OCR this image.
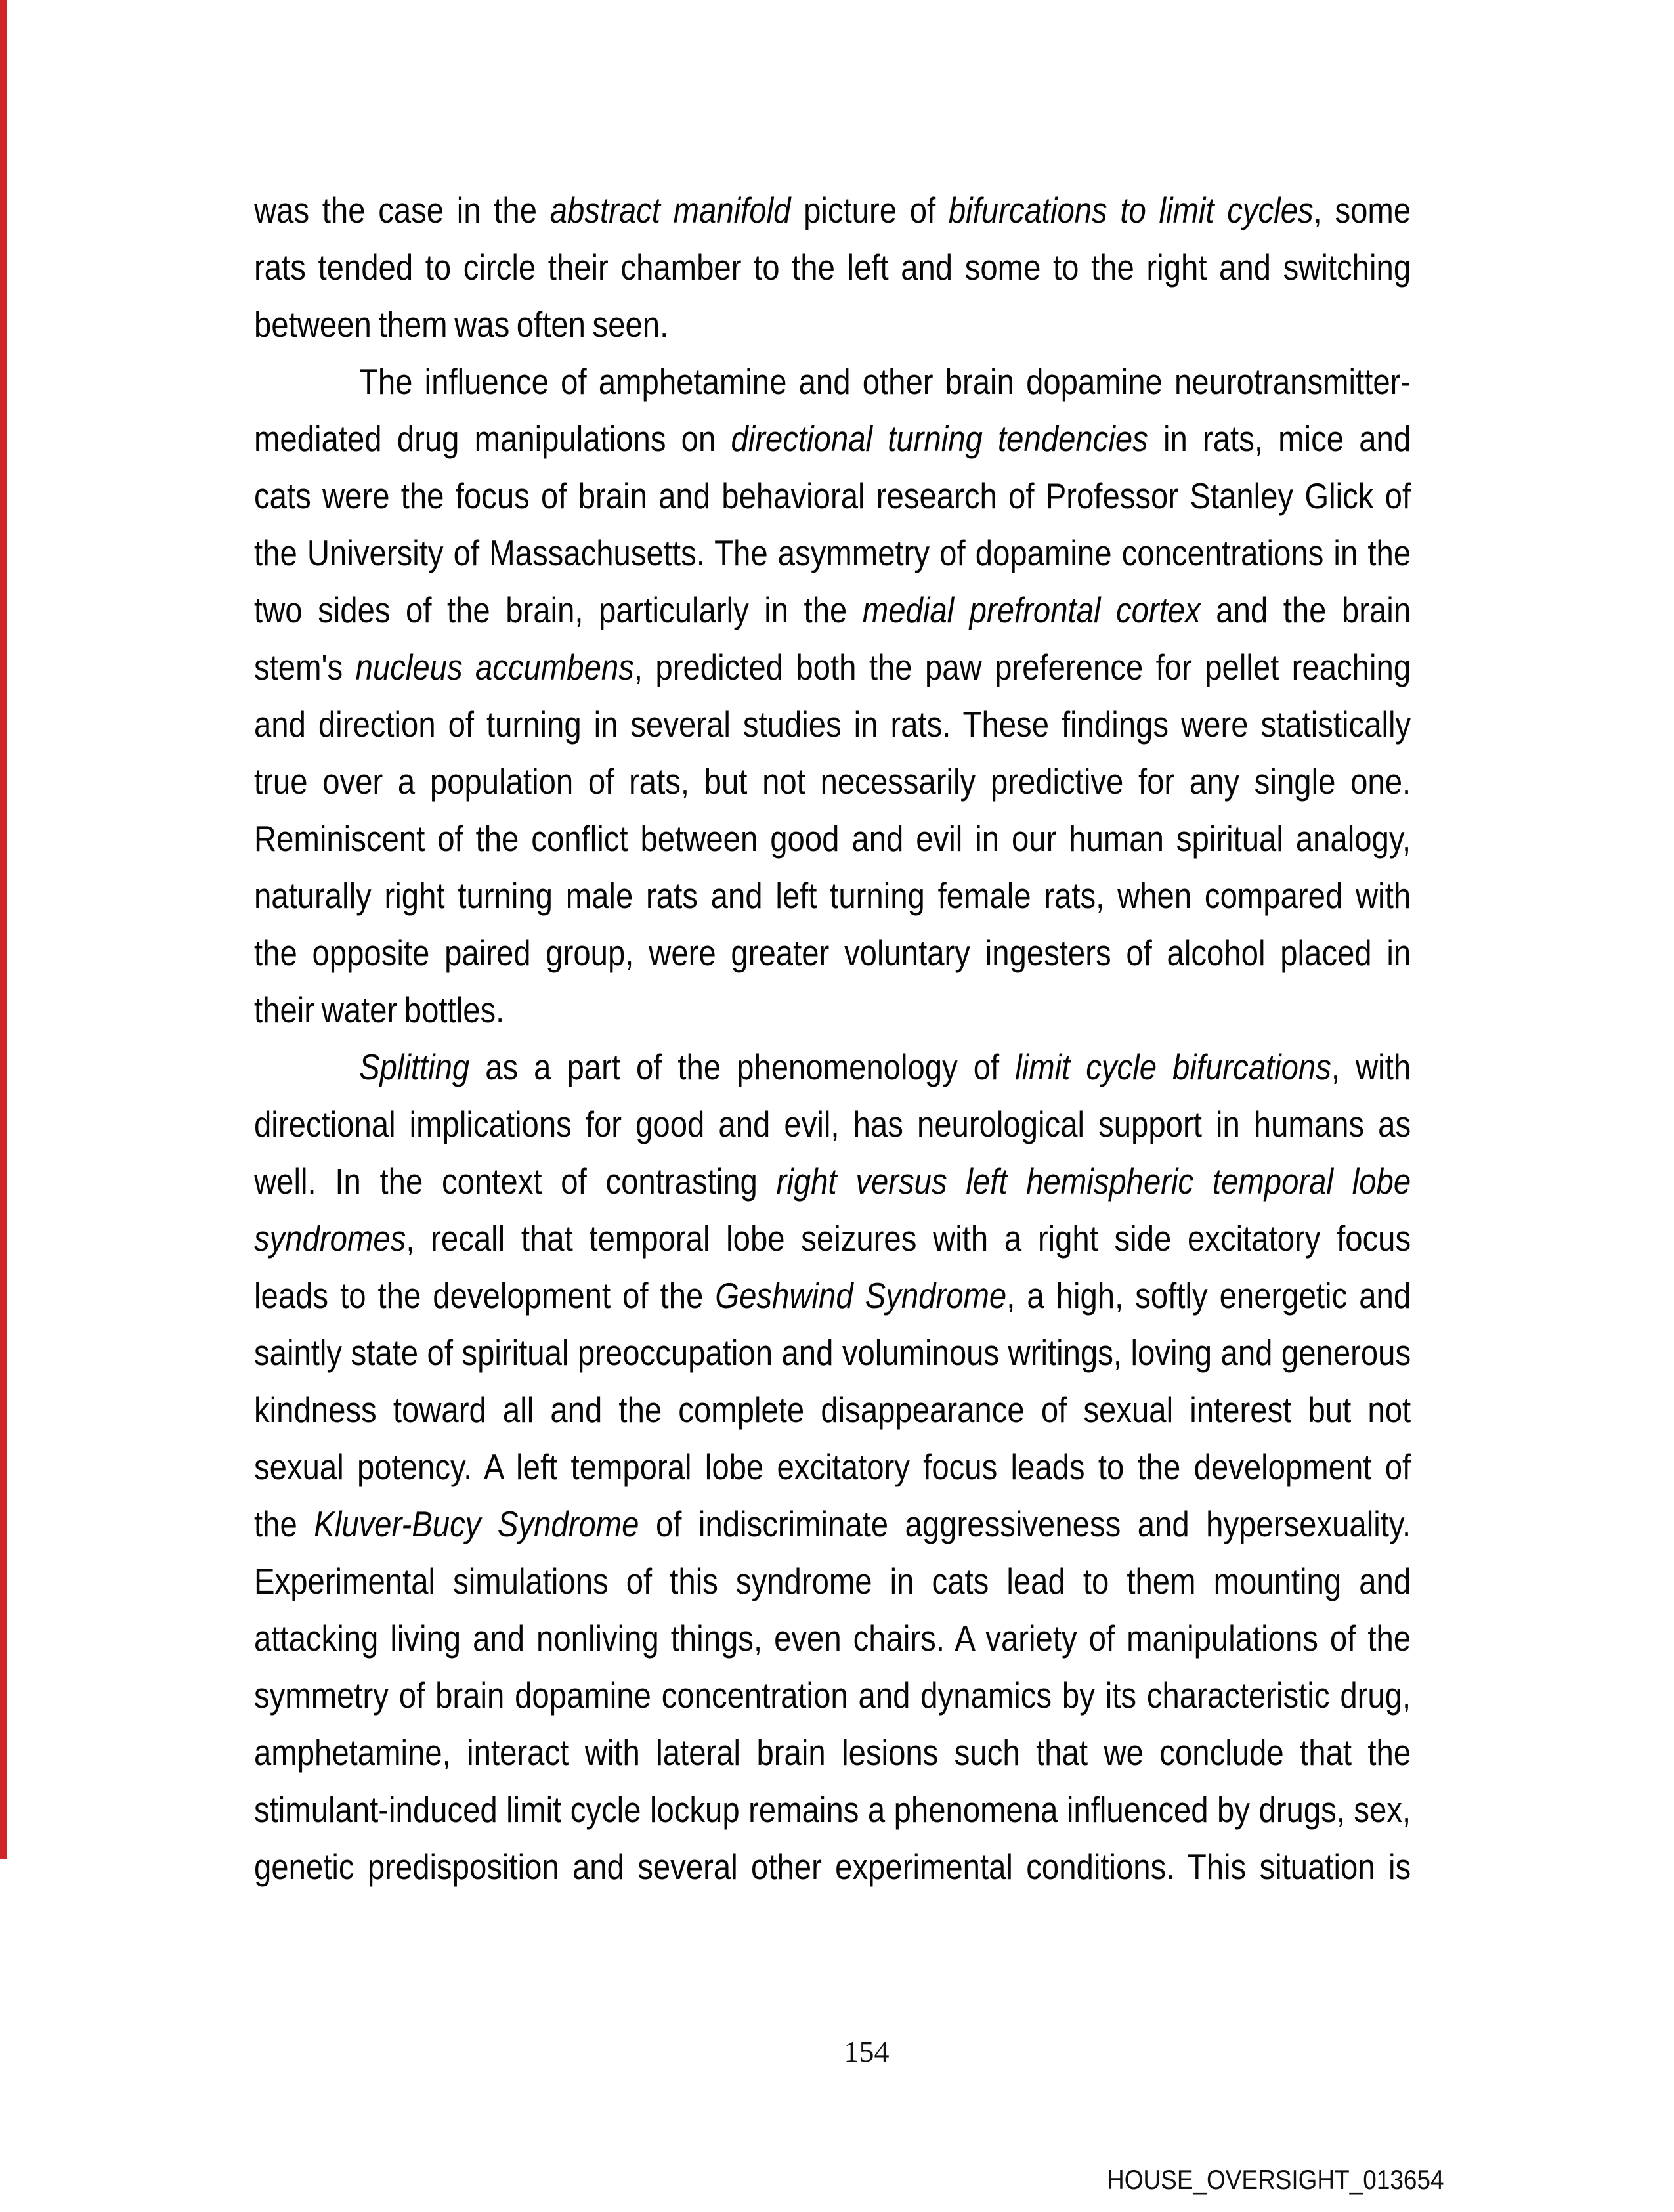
was the case in the abstract manifold picture of bifurcations to limit cycles, some
rats tended to circle their chamber to the left and some to the right and switching
between them was often seen.
The influence of amphetamine and other brain dopamine neurotransmitter-
mediated drug manipulations on directional turning tendencies in rats, mice and
cats were the focus of brain and behavioral research of Professor Stanley Glick of
the University of Massachusetts. The asymmetry of dopamine concentrations in the
two sides of the brain, particularly in the medial prefrontal cortex and the brain
stem's nucleus accumbens, predicted both the paw preference for pellet reaching
and direction of turning in several studies in rats. These findings were statistically
true over a population of rats, but not necessarily predictive for any single one.
Reminiscent of the conflict between good and evil in our human spiritual analogy,
naturally right turning male rats and left turning female rats, when compared with
the opposite paired group, were greater voluntary ingesters of alcohol placed in
their water bottles.
Splitting as a part of the phenomenology of limit cycle bifurcations, with
directional implications for good and evil, has neurological support in humans as
well. In the context of contrasting right versus left hemispheric temporal lobe
syndromes, recall that temporal lobe seizures with a right side excitatory focus
leads to the development of the Geshwind Syndrome, a high, softly energetic and
saintly state of spiritual preoccupation and voluminous writings, loving and generous
kindness toward all and the complete disappearance of sexual interest but not
sexual potency. A left temporal lobe excitatory focus leads to the development of
the Kluver-Bucy Syndrome of indiscriminate aggressiveness and hypersexuality.
Experimental simulations of this syndrome in cats lead to them mounting and
attacking living and nonliving things, even chairs. A variety of manipulations of the
symmetry of brain dopamine concentration and dynamics by its characteristic drug,
amphetamine, interact with lateral brain lesions such that we conclude that the
stimulant-induced limit cycle lockup remains a phenomena influenced by drugs, sex,
genetic predisposition and several other experimental conditions. This situation is
154
HOUSE_OVERSIGHT_013654
